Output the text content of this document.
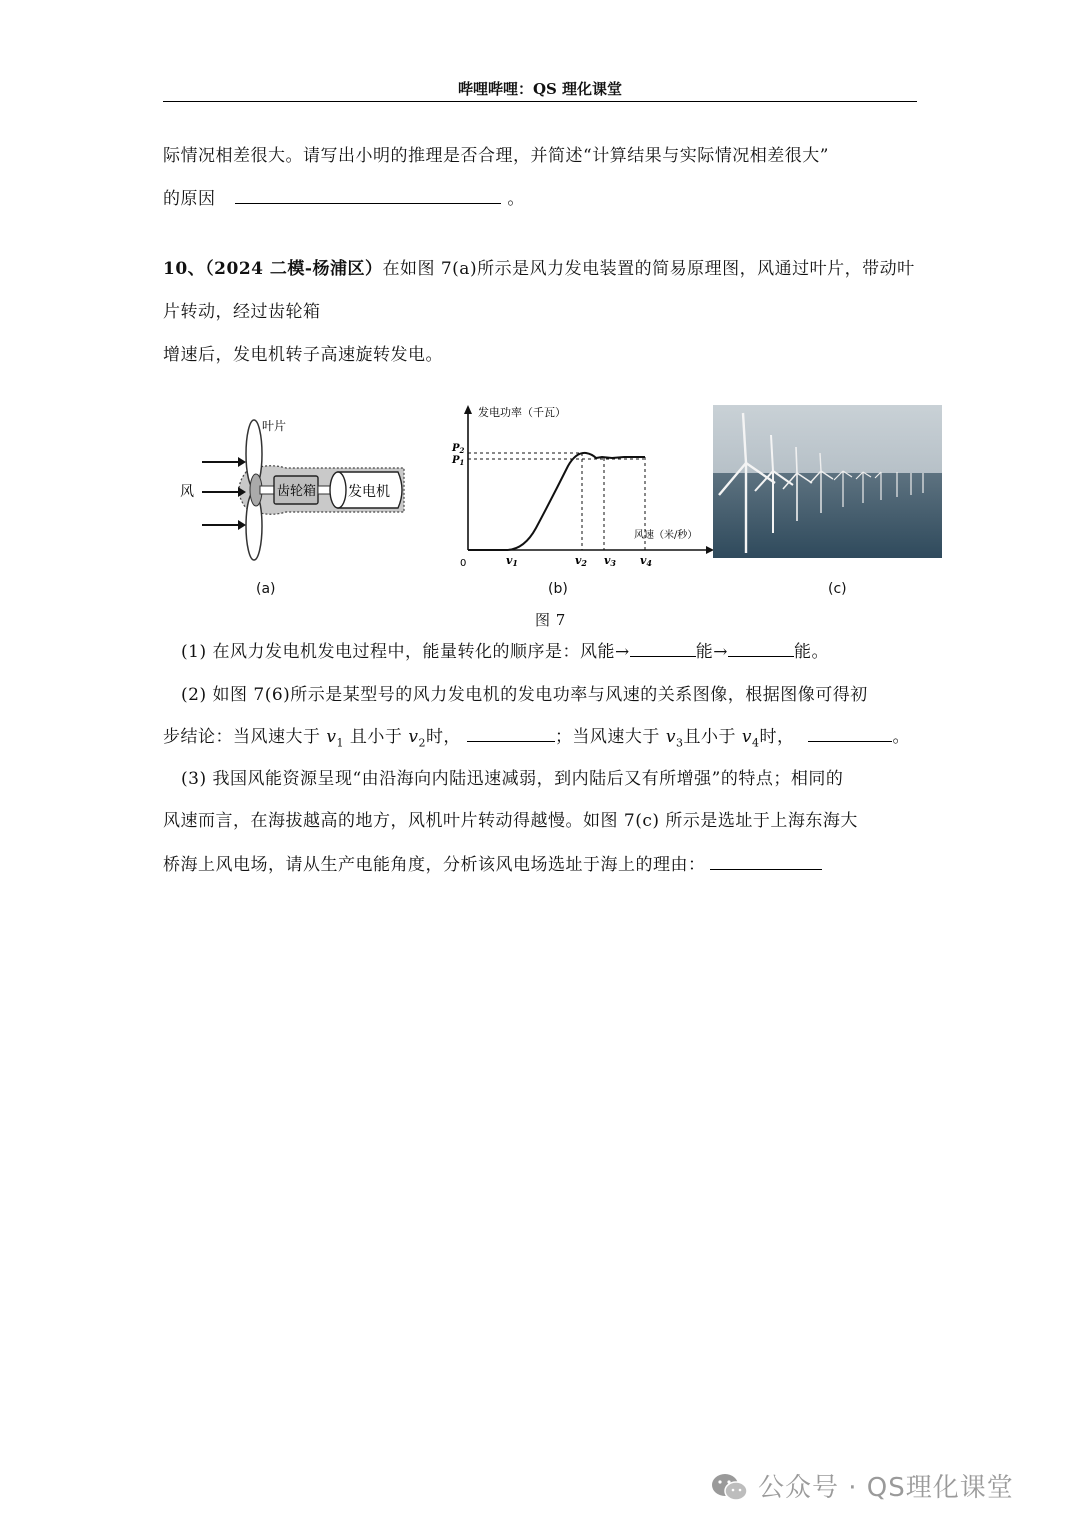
哔哩哔哩：QS 理化课堂
际情况相差很大。请写出小明的推理是否合理，并简述“计算结果与实际情况相差很大”
的原因	。
10、（2024 二模-杨浦区）在如图 7(a)所示是风力发电装置的简易原理图，风通过叶片，带动叶
片转动，经过齿轮箱
增速后，发电机转子高速旋转发电。
风
叶片
齿轮箱 发电机
(a)
发电功率（千瓦）
风速（米/秒）
0
$P_2$
$P_1$
v1	v2 v3 v4
(b)	(c)
图 7
(1) 在风力发电机发电过程中，能量转化的顺序是：风能→	能→	能。
(2) 如图 7(6)所示是某型号的风力发电机的发电功率与风速的关系图像，根据图像可得初
步结论：当风速大于 $v_1$ 且小于 $v_2$时，	；当风速大于 $v_3$且小于 $v_4$时，	。
(3) 我国风能资源呈现“由沿海向内陆迅速减弱，到内陆后又有所增强”的特点；相同的
风速而言，在海拔越高的地方，风机叶片转动得越慢。如图 7(c) 所示是选址于上海东海大
桥海上风电场，请从生产电能角度，分析该风电场选址于海上的理由：
公众号 · QS理化课堂
